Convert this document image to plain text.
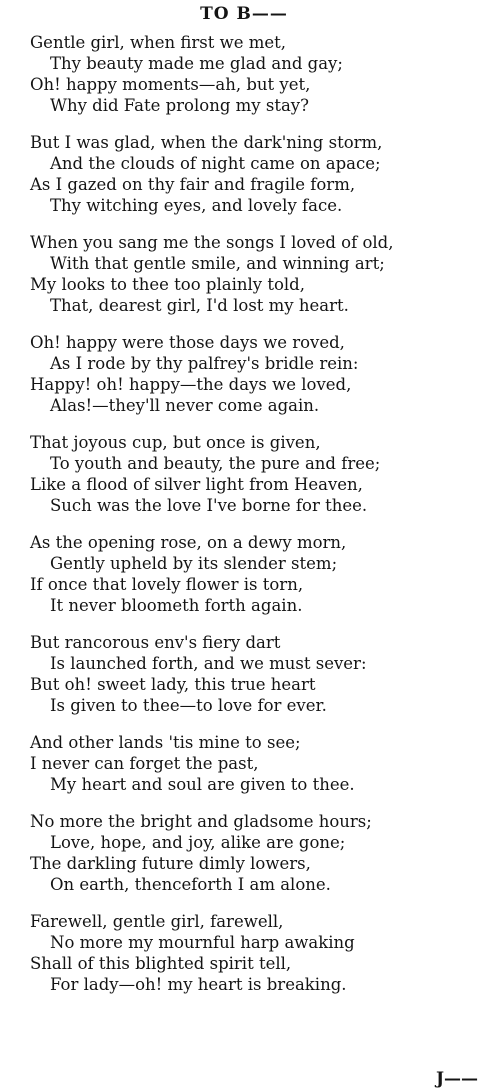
TO B——
Gentle girl, when first we met,
Thy beauty made me glad and gay;
Oh! happy moments—ah, but yet,
Why did Fate prolong my stay?
But I was glad, when the dark'ning storm,
And the clouds of night came on apace;
As I gazed on thy fair and fragile form,
Thy witching eyes, and lovely face.
When you sang me the songs I loved of old,
With that gentle smile, and winning art;
My looks to thee too plainly told,
That, dearest girl, I'd lost my heart.
Oh! happy were those days we roved,
As I rode by thy palfrey's bridle rein:
Happy! oh! happy—the days we loved,
Alas!—they'll never come again.
That joyous cup, but once is given,
To youth and beauty, the pure and free;
Like a flood of silver light from Heaven,
Such was the love I've borne for thee.
As the opening rose, on a dewy morn,
Gently upheld by its slender stem;
If once that lovely flower is torn,
It never bloometh forth again.
But rancorous env's fiery dart
Is launched forth, and we must sever:
But oh! sweet lady, this true heart
Is given to thee—to love for ever.
And other lands 'tis mine to see;
I never can forget the past,
My heart and soul are given to thee.
No more the bright and gladsome hours;
Love, hope, and joy, alike are gone;
The darkling future dimly lowers,
On earth, thenceforth I am alone.
Farewell, gentle girl, farewell,
No more my mournful harp awaking
Shall of this blighted spirit tell,
For lady—oh! my heart is breaking.
J——
